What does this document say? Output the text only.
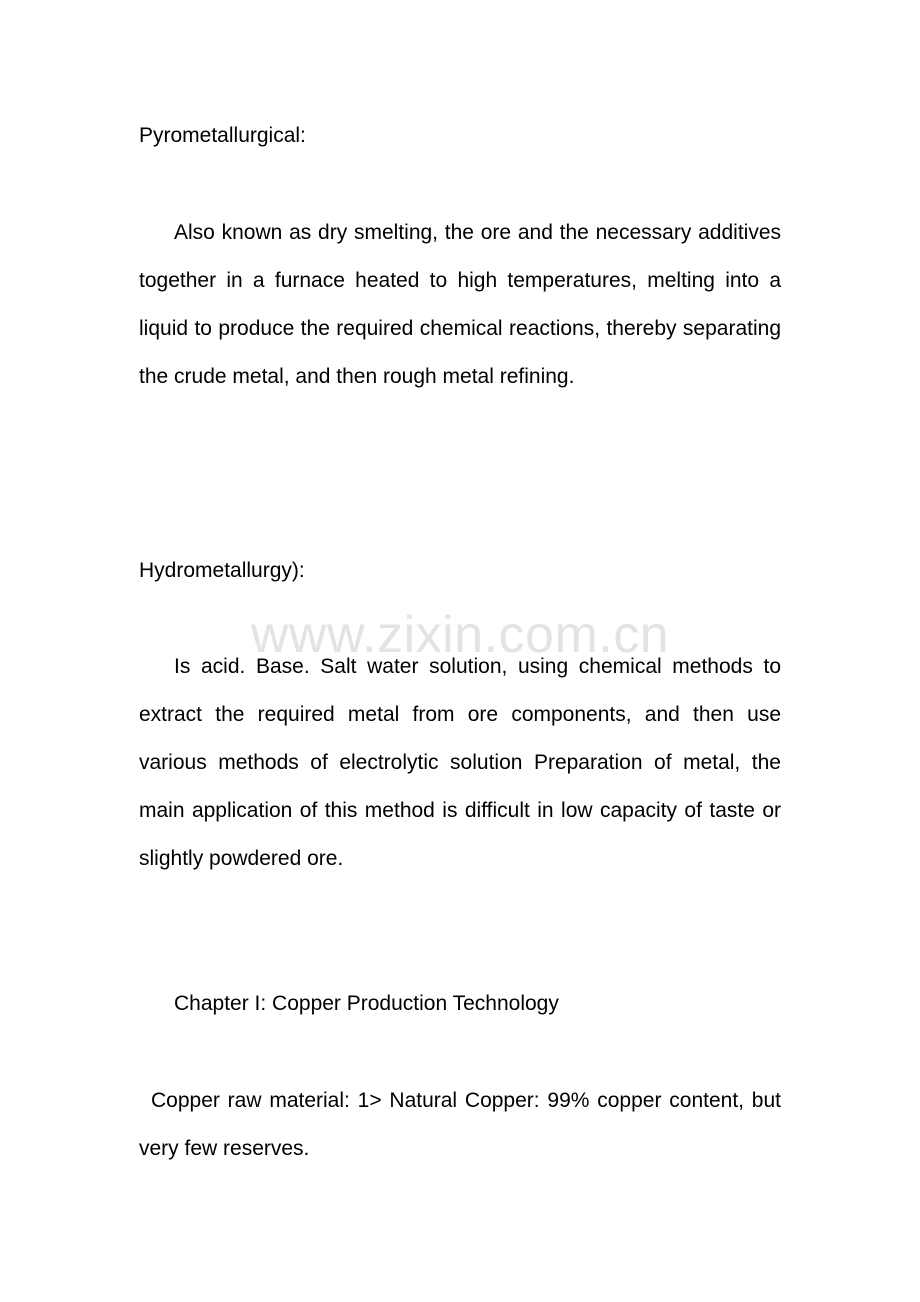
www.zixin.com.cn
Pyrometallurgical:
Also known as dry smelting, the ore and the necessary additives together in a furnace heated to high temperatures, melting into a liquid to produce the required chemical reactions, thereby separating the crude metal, and then rough metal refining.
Hydrometallurgy):
Is acid. Base. Salt water solution, using chemical methods to extract the required metal from ore components, and then use various methods of electrolytic solution Preparation of metal, the main application of this method is difficult in low capacity of taste or slightly powdered ore.
Chapter I: Copper Production Technology
Copper raw material: 1> Natural Copper: 99% copper content, but very few reserves.
